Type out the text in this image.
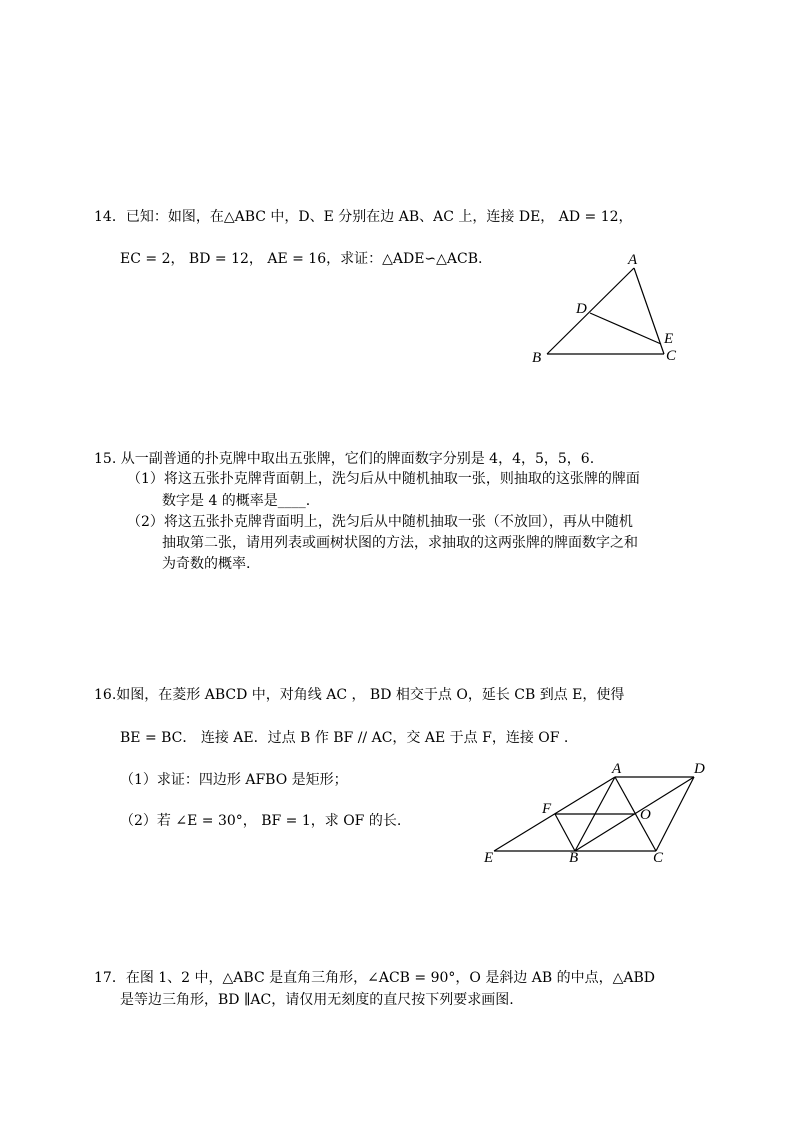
14．已知：如图，在△ABC 中，D、E 分别在边 AB、AC 上，连接 DE， AD = 12，
EC = 2， BD = 12， AE = 16，求证：△ADE∽△ACB.	A
B	C
D
E
15. 从一副普通的扑克牌中取出五张牌，它们的牌面数字分别是 4，4，5，5，6.
（1）将这五张扑克牌背面朝上，洗匀后从中随机抽取一张，则抽取的这张牌的牌面
数字是 4 的概率是____.
（2）将这五张扑克牌背面明上，洗匀后从中随机抽取一张（不放回），再从中随机
抽取第二张，请用列表或画树状图的方法，求抽取的这两张牌的牌面数字之和
为奇数的概率.
16.如图，在菱形 ABCD 中，对角线 AC ， BD 相交于点 O，延长 CB 到点 E，使得
BE = BC． 连接 AE．过点 B 作 BF // AC，交 AE 于点 F，连接 OF .
（1）求证：四边形 AFBO 是矩形；
（2）若 ∠E = 30°， BF = 1，求 OF 的长.
A	D
F	O
E	B	C
17．在图 1、2 中，△ABC 是直角三角形，∠ACB = 90°，O 是斜边 AB 的中点，△ABD
是等边三角形，BD ∥AC，请仅用无刻度的直尺按下列要求画图.
